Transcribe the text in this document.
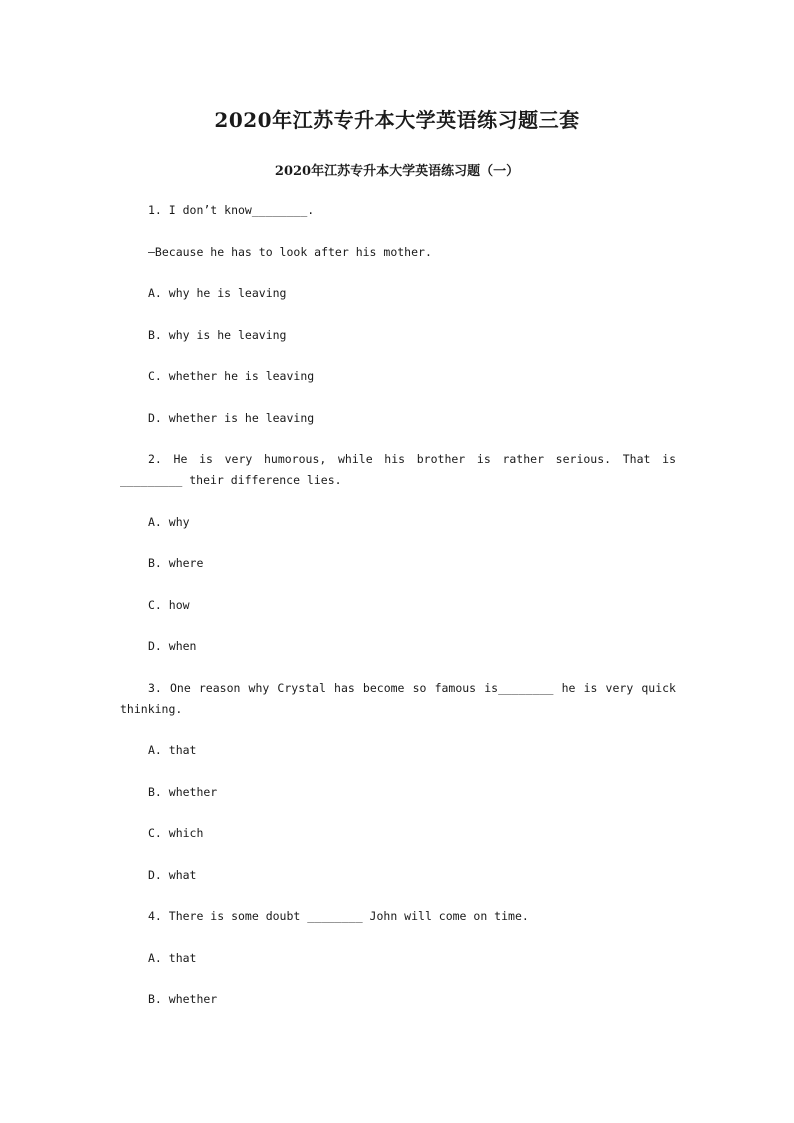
2020年江苏专升本大学英语练习题三套
2020年江苏专升本大学英语练习题（一）

1. I don’t know________.

—Because he has to look after his mother.

A. why he is leaving

B. why is he leaving

C. whether he is leaving

D. whether is he leaving

2. He is very humorous, while his brother is rather serious. That is _________ their difference lies.

A. why

B. where

C. how

D. when

3. One reason why Crystal has become so famous is________ he is very quick thinking.

A. that

B. whether

C. which

D. what

4. There is some doubt ________ John will come on time.

A. that

B. whether
